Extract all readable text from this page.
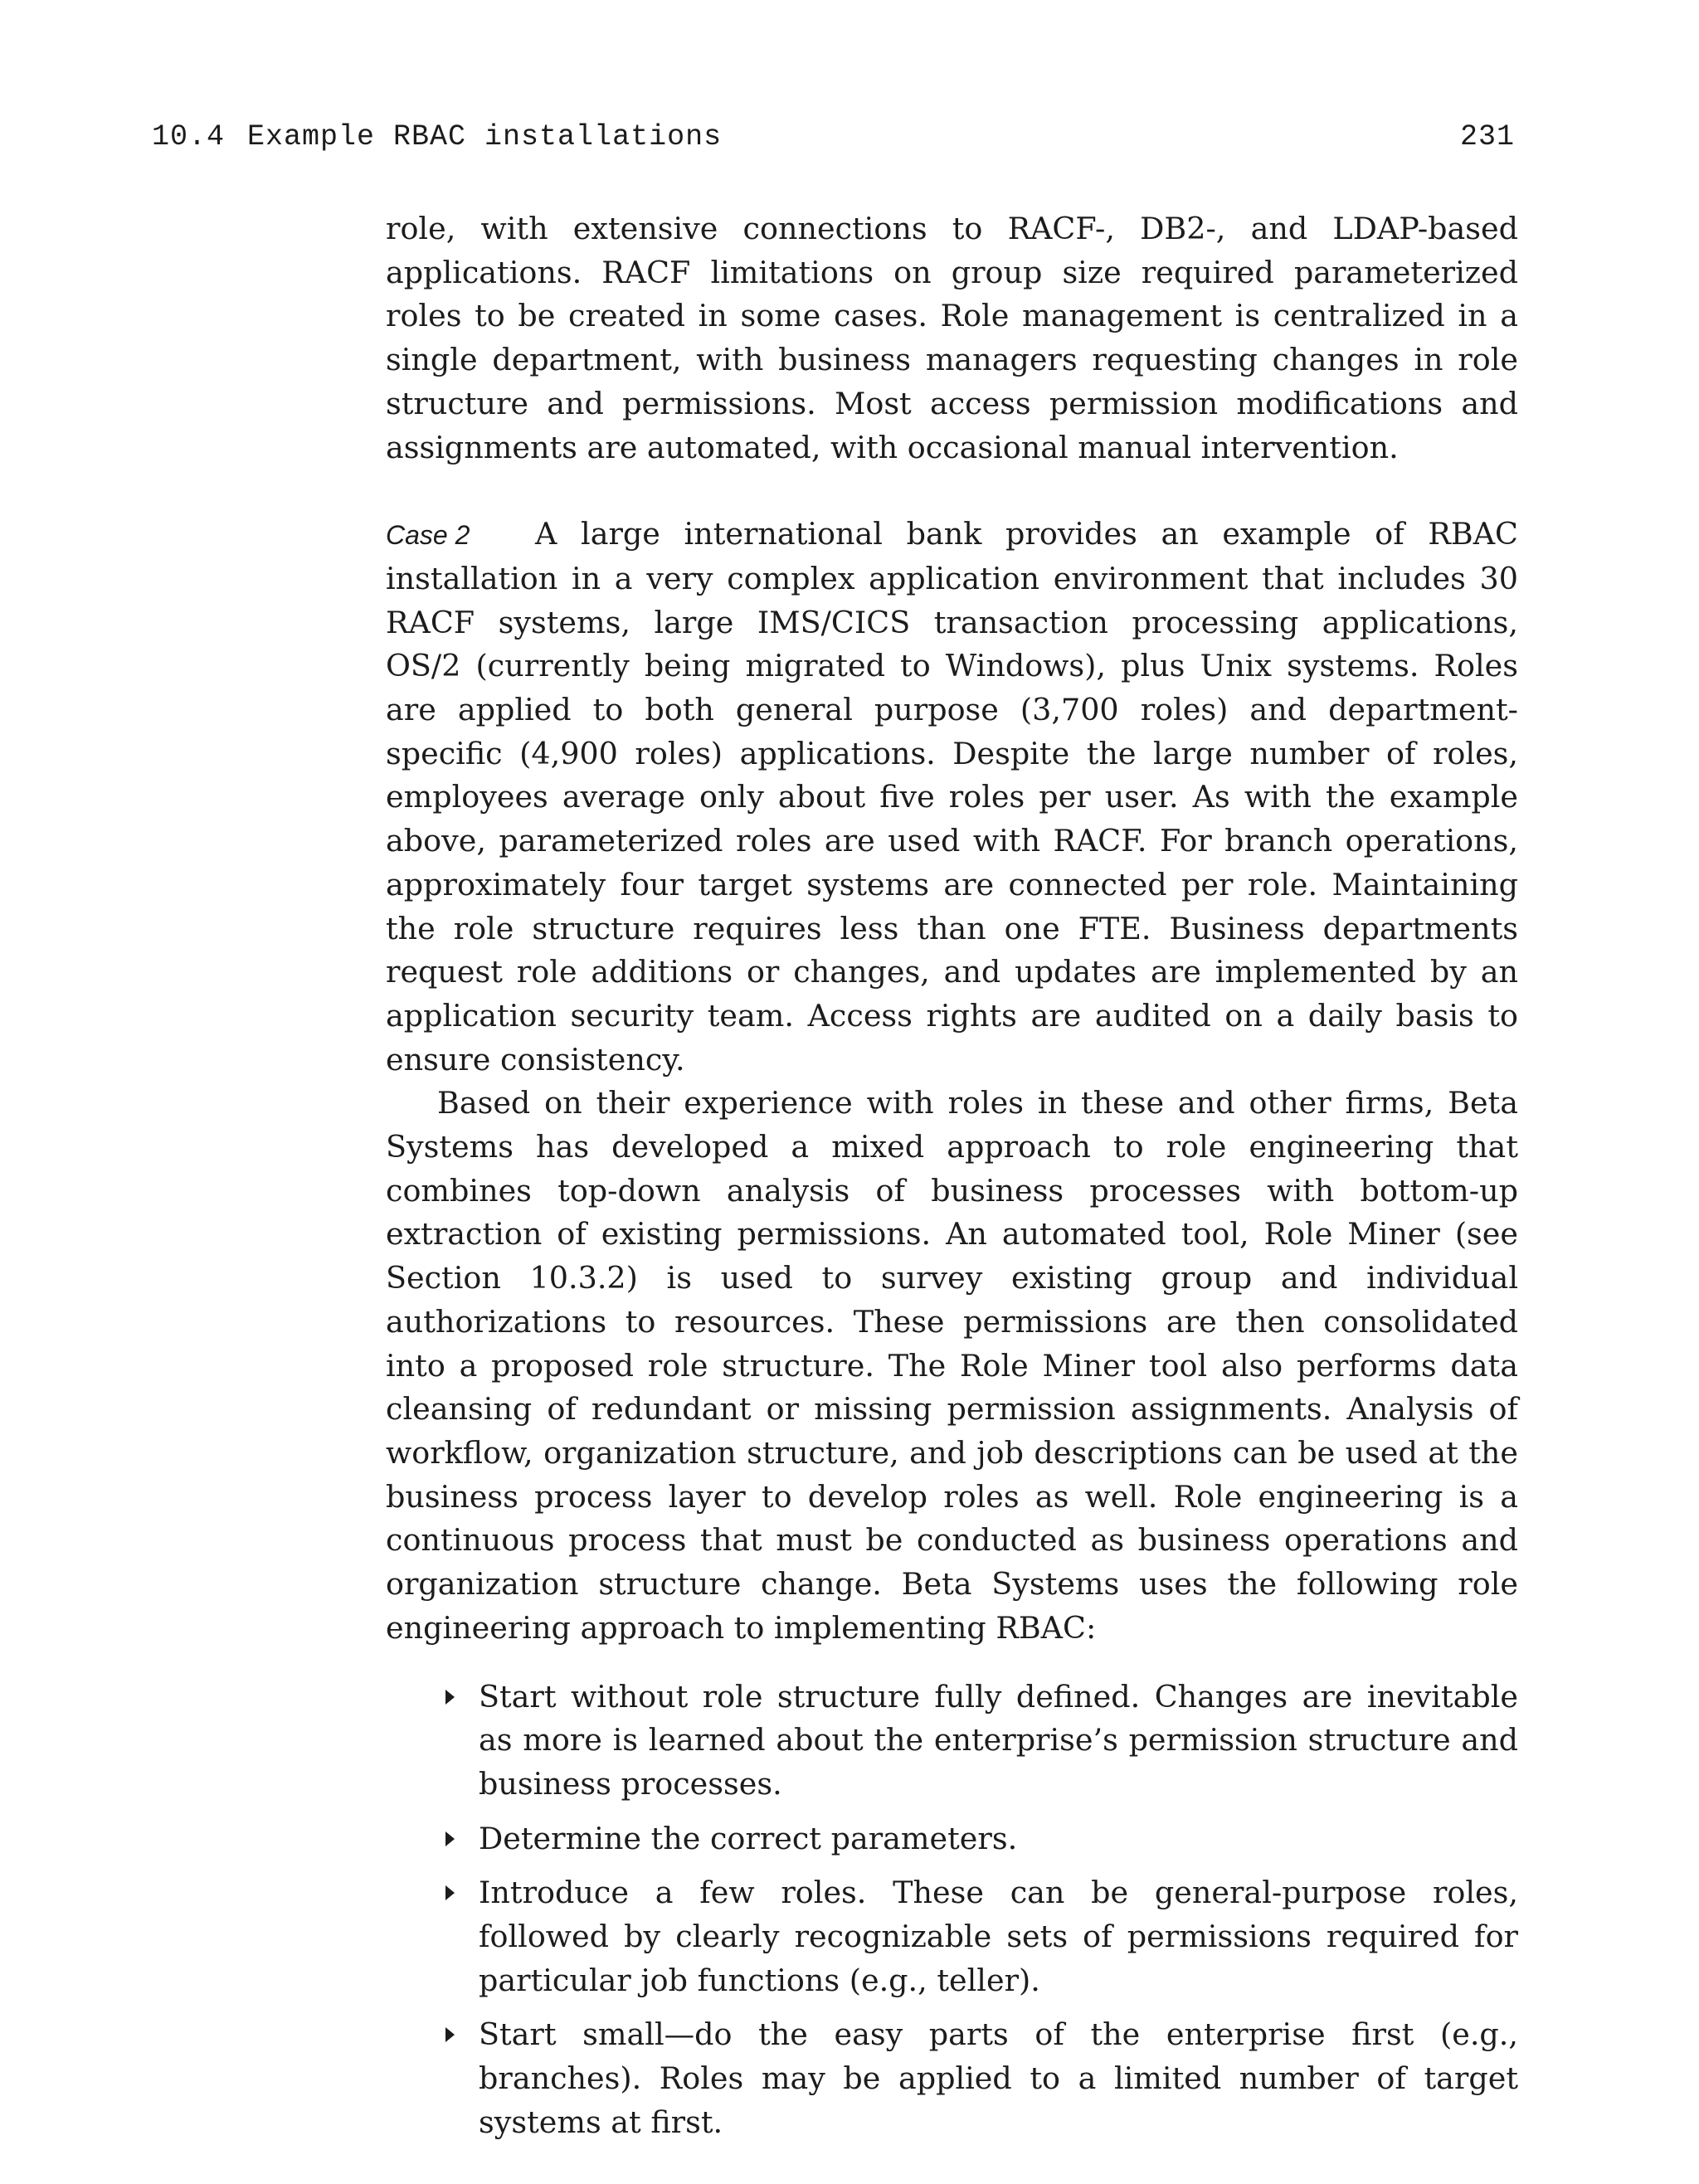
10.4 Example RBAC installations	231

role, with extensive connections to RACF-, DB2-, and LDAP-based applications. RACF limitations on group size required parameterized roles to be created in some cases. Role management is centralized in a single department, with business managers requesting changes in role structure and permissions. Most access permission modifications and assignments are automated, with occasional manual intervention.

Case 2 A large international bank provides an example of RBAC installation in a very complex application environment that includes 30 RACF systems, large IMS/CICS transaction processing applications, OS/2 (currently being migrated to Windows), plus Unix systems. Roles are applied to both general purpose (3,700 roles) and department-specific (4,900 roles) applications. Despite the large number of roles, employees average only about five roles per user. As with the example above, parameterized roles are used with RACF. For branch operations, approximately four target systems are connected per role. Maintaining the role structure requires less than one FTE. Business departments request role additions or changes, and updates are implemented by an application security team. Access rights are audited on a daily basis to ensure consistency.

Based on their experience with roles in these and other firms, Beta Systems has developed a mixed approach to role engineering that combines top-down analysis of business processes with bottom-up extraction of existing permissions. An automated tool, Role Miner (see Section 10.3.2) is used to survey existing group and individual authorizations to resources. These permissions are then consolidated into a proposed role structure. The Role Miner tool also performs data cleansing of redundant or missing permission assignments. Analysis of workflow, organization structure, and job descriptions can be used at the business process layer to develop roles as well. Role engineering is a continuous process that must be conducted as business operations and organization structure change. Beta Systems uses the following role engineering approach to implementing RBAC:

Start without role structure fully defined. Changes are inevitable as more is learned about the enterprise’s permission structure and business processes.
Determine the correct parameters.
Introduce a few roles. These can be general-purpose roles, followed by clearly recognizable sets of permissions required for particular job functions (e.g., teller).
Start small—do the easy parts of the enterprise first (e.g., branches). Roles may be applied to a limited number of target systems at first.
